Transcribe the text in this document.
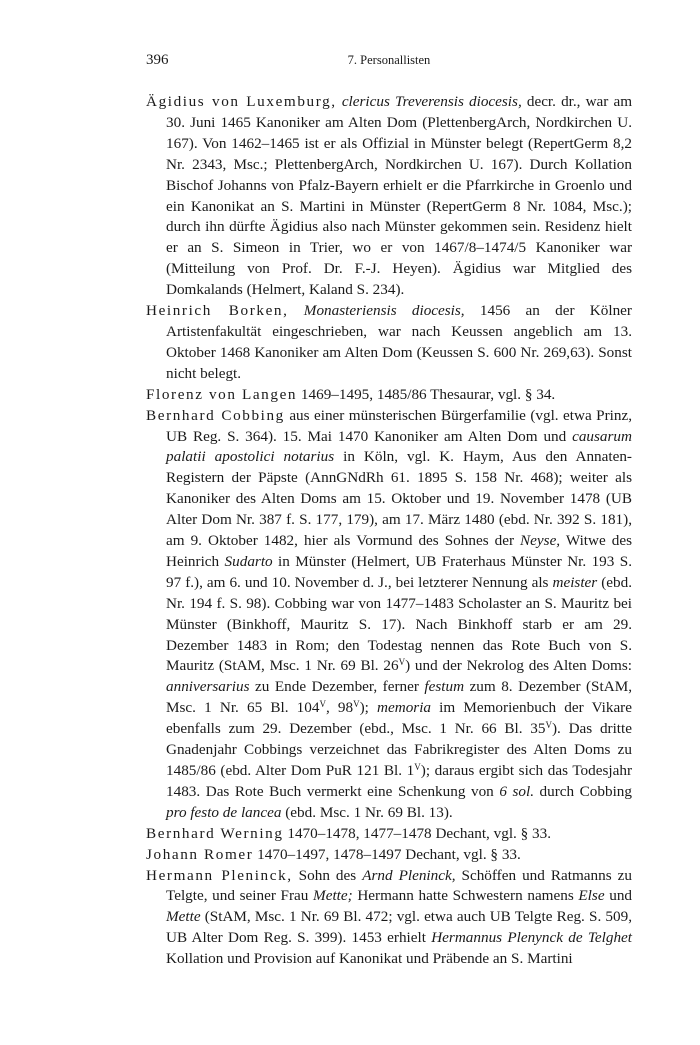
396	7. Personallisten

Ägidius von Luxemburg, clericus Treverensis diocesis, decr. dr., war am 30. Juni 1465 Kanoniker am Alten Dom (PlettenbergArch, Nordkirchen U. 167). Von 1462–1465 ist er als Offizial in Münster belegt (RepertGerm 8,2 Nr. 2343, Msc.; PlettenbergArch, Nordkirchen U. 167). Durch Kollation Bischof Johanns von Pfalz-Bayern erhielt er die Pfarrkirche in Groenlo und ein Kanonikat an S. Martini in Münster (RepertGerm 8 Nr. 1084, Msc.); durch ihn dürfte Ägidius also nach Münster gekommen sein. Residenz hielt er an S. Simeon in Trier, wo er von 1467/8–1474/5 Kanoniker war (Mitteilung von Prof. Dr. F.-J. Heyen). Ägidius war Mitglied des Domkalands (Helmert, Kaland S. 234).

Heinrich Borken, Monasteriensis diocesis, 1456 an der Kölner Artistenfakultät eingeschrieben, war nach Keussen angeblich am 13. Oktober 1468 Kanoniker am Alten Dom (Keussen S. 600 Nr. 269,63). Sonst nicht belegt.

Florenz von Langen 1469–1495, 1485/86 Thesaurar, vgl. § 34.

Bernhard Cobbing aus einer münsterischen Bürgerfamilie (vgl. etwa Prinz, UB Reg. S. 364). 15. Mai 1470 Kanoniker am Alten Dom und causarum palatii apostolici notarius in Köln, vgl. K. Haym, Aus den Annaten-Registern der Päpste (AnnGNdRh 61. 1895 S. 158 Nr. 468); weiter als Kanoniker des Alten Doms am 15. Oktober und 19. November 1478 (UB Alter Dom Nr. 387 f. S. 177, 179), am 17. März 1480 (ebd. Nr. 392 S. 181), am 9. Oktober 1482, hier als Vormund des Sohnes der Neyse, Witwe des Heinrich Sudarto in Münster (Helmert, UB Fraterhaus Münster Nr. 193 S. 97 f.), am 6. und 10. November d. J., bei letzterer Nennung als meister (ebd. Nr. 194 f. S. 98). Cobbing war von 1477–1483 Scholaster an S. Mauritz bei Münster (Binkhoff, Mauritz S. 17). Nach Binkhoff starb er am 29. Dezember 1483 in Rom; den Todestag nennen das Rote Buch von S. Mauritz (StAM, Msc. 1 Nr. 69 Bl. $26^V$) und der Nekrolog des Alten Doms: anniversarius zu Ende Dezember, ferner festum zum 8. Dezember (StAM, Msc. 1 Nr. 65 Bl. $104^V$, $98^V$); memoria im Memorienbuch der Vikare ebenfalls zum 29. Dezember (ebd., Msc. 1 Nr. 66 Bl. $35^V$). Das dritte Gnadenjahr Cobbings verzeichnet das Fabrikregister des Alten Doms zu 1485/86 (ebd. Alter Dom PuR 121 Bl. $1^V$); daraus ergibt sich das Todesjahr 1483. Das Rote Buch vermerkt eine Schenkung von 6 sol. durch Cobbing pro festo de lancea (ebd. Msc. 1 Nr. 69 Bl. 13).

Bernhard Werning 1470–1478, 1477–1478 Dechant, vgl. § 33.

Johann Romer 1470–1497, 1478–1497 Dechant, vgl. § 33.

Hermann Pleninck, Sohn des Arnd Pleninck, Schöffen und Ratmanns zu Telgte, und seiner Frau Mette; Hermann hatte Schwestern namens Else und Mette (StAM, Msc. 1 Nr. 69 Bl. 472; vgl. etwa auch UB Telgte Reg. S. 509, UB Alter Dom Reg. S. 399). 1453 erhielt Hermannus Plenynck de Telghet Kollation und Provision auf Kanonikat und Präbende an S. Martini
